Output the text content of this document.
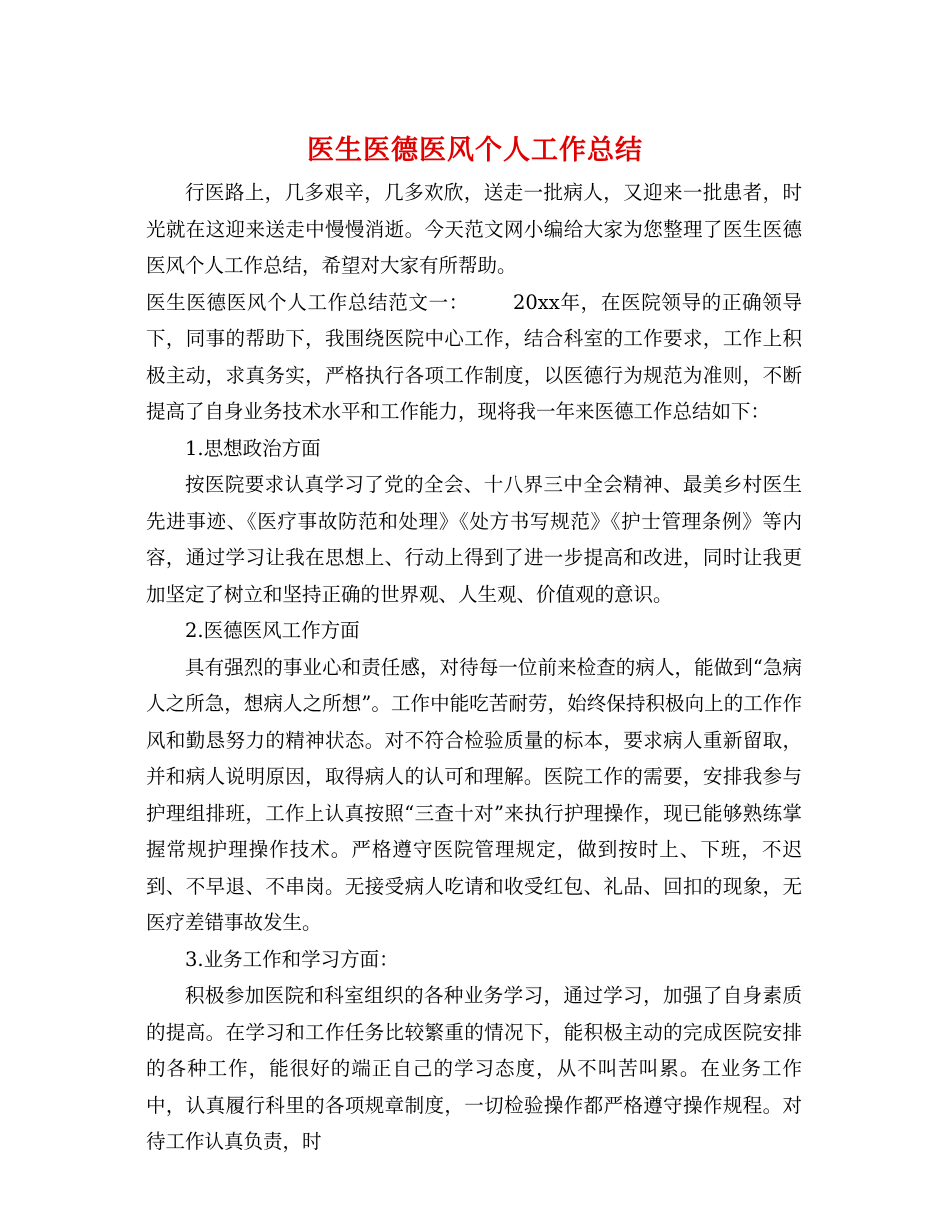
医生医德医风个人工作总结

行医路上，几多艰辛，几多欢欣，送走一批病人，又迎来一批患者，时光就在这迎来送走中慢慢消逝。今天范文网小编给大家为您整理了医生医德医风个人工作总结，希望对大家有所帮助。

医生医德医风个人工作总结范文一： 20xx年，在医院领导的正确领导下，同事的帮助下，我围绕医院中心工作，结合科室的工作要求，工作上积极主动，求真务实，严格执行各项工作制度，以医德行为规范为准则，不断提高了自身业务技术水平和工作能力，现将我一年来医德工作总结如下：

1.思想政治方面

按医院要求认真学习了党的全会、十八界三中全会精神、最美乡村医生先进事迹、《医疗事故防范和处理》《处方书写规范》《护士管理条例》等内容，通过学习让我在思想上、行动上得到了进一步提高和改进，同时让我更加坚定了树立和坚持正确的世界观、人生观、价值观的意识。

2.医德医风工作方面

具有强烈的事业心和责任感，对待每一位前来检查的病人，能做到“急病人之所急，想病人之所想”。工作中能吃苦耐劳，始终保持积极向上的工作作风和勤恳努力的精神状态。对不符合检验质量的标本，要求病人重新留取，并和病人说明原因，取得病人的认可和理解。医院工作的需要，安排我参与护理组排班，工作上认真按照“三查十对”来执行护理操作，现已能够熟练掌握常规护理操作技术。严格遵守医院管理规定，做到按时上、下班，不迟到、不早退、不串岗。无接受病人吃请和收受红包、礼品、回扣的现象，无医疗差错事故发生。

3.业务工作和学习方面：

积极参加医院和科室组织的各种业务学习，通过学习，加强了自身素质的提高。在学习和工作任务比较繁重的情况下，能积极主动的完成医院安排的各种工作，能很好的端正自己的学习态度，从不叫苦叫累。在业务工作中，认真履行科里的各项规章制度，一切检验操作都严格遵守操作规程。对待工作认真负责，时
